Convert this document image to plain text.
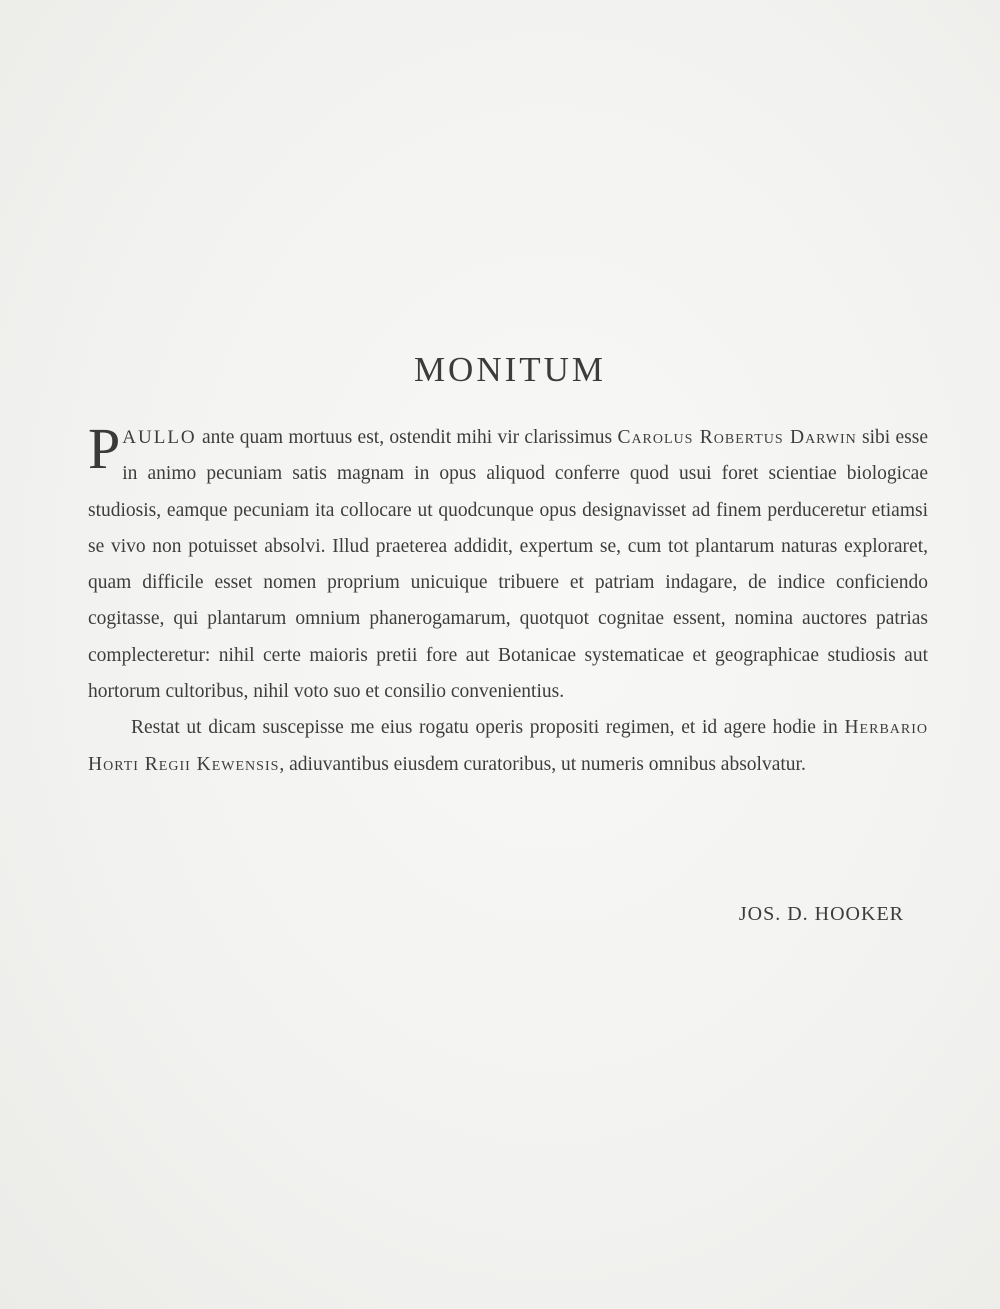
MONITUM

PAULLO ante quam mortuus est, ostendit mihi vir clarissimus Carolus Robertus Darwin sibi esse in animo pecuniam satis magnam in opus aliquod conferre quod usui foret scientiae biologicae studiosis, eamque pecuniam ita collocare ut quodcunque opus designavisset ad finem perduceretur etiamsi se vivo non potuisset absolvi. Illud praeterea addidit, expertum se, cum tot plantarum naturas exploraret, quam difficile esset nomen proprium unicuique tribuere et patriam indagare, de indice conficiendo cogitasse, qui plantarum omnium phanerogamarum, quotquot cognitae essent, nomina auctores patrias complecteretur: nihil certe maioris pretii fore aut Botanicae systematicae et geographicae studiosis aut hortorum cultoribus, nihil voto suo et consilio convenientius.

Restat ut dicam suscepisse me eius rogatu operis propositi regimen, et id agere hodie in Herbario Horti Regii Kewensis, adiuvantibus eiusdem curatoribus, ut numeris omnibus absolvatur.

JOS. D. HOOKER
